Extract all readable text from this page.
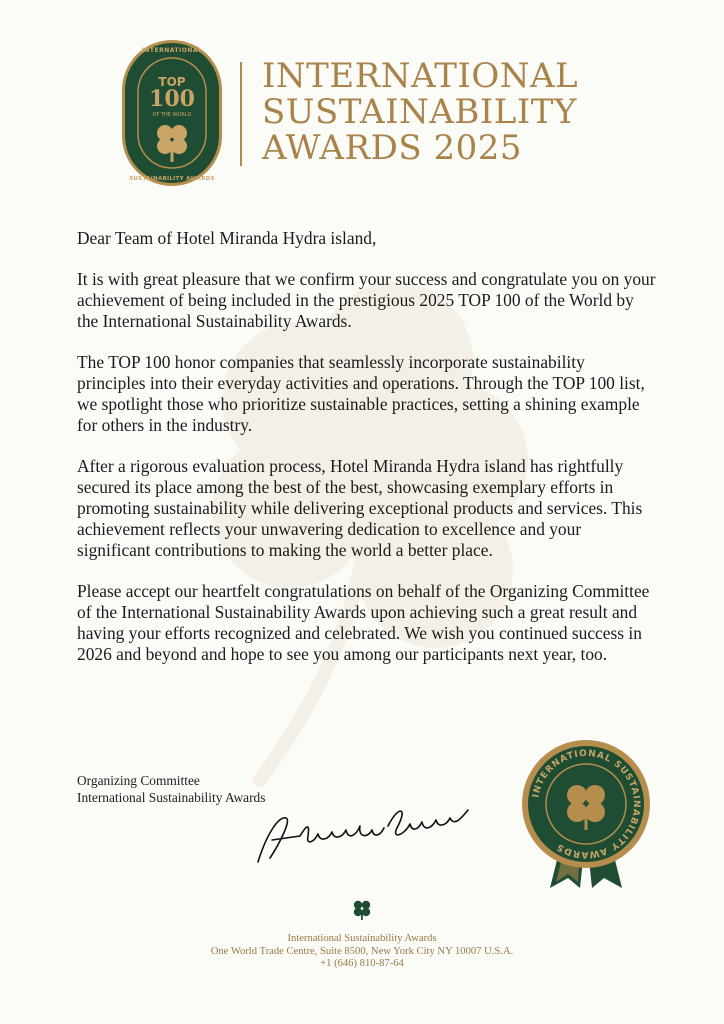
TOP
100
OF THE WORLD
INTERNATIONAL
SUSTAINABILITY AWARDS
INTERNATIONAL
SUSTAINABILITY
AWARDS 2025

Dear Team of Hotel Miranda Hydra island,

It is with great pleasure that we confirm your success and congratulate you on your achievement of being included in the prestigious 2025 TOP 100 of the World by the International Sustainability Awards.

The TOP 100 honor companies that seamlessly incorporate sustainability principles into their everyday activities and operations. Through the TOP 100 list, we spotlight those who prioritize sustainable practices, setting a shining example for others in the industry.

After a rigorous evaluation process, Hotel Miranda Hydra island has rightfully secured its place among the best of the best, showcasing exemplary efforts in promoting sustainability while delivering exceptional products and services. This achievement reflects your unwavering dedication to excellence and your significant contributions to making the world a better place.

Please accept our heartfelt congratulations on behalf of the Organizing Committee of the International Sustainability Awards upon achieving such a great result and having your efforts recognized and celebrated. We wish you continued success in 2026 and beyond and hope to see you among our participants next year, too.

Organizing Committee
International Sustainability Awards	INTERNATIONAL SUSTAINABILITY AWARDS
International Sustainability Awards
One World Trade Centre, Suite 8500, New York City NY 10007 U.S.A.
+1 (646) 810-87-64
